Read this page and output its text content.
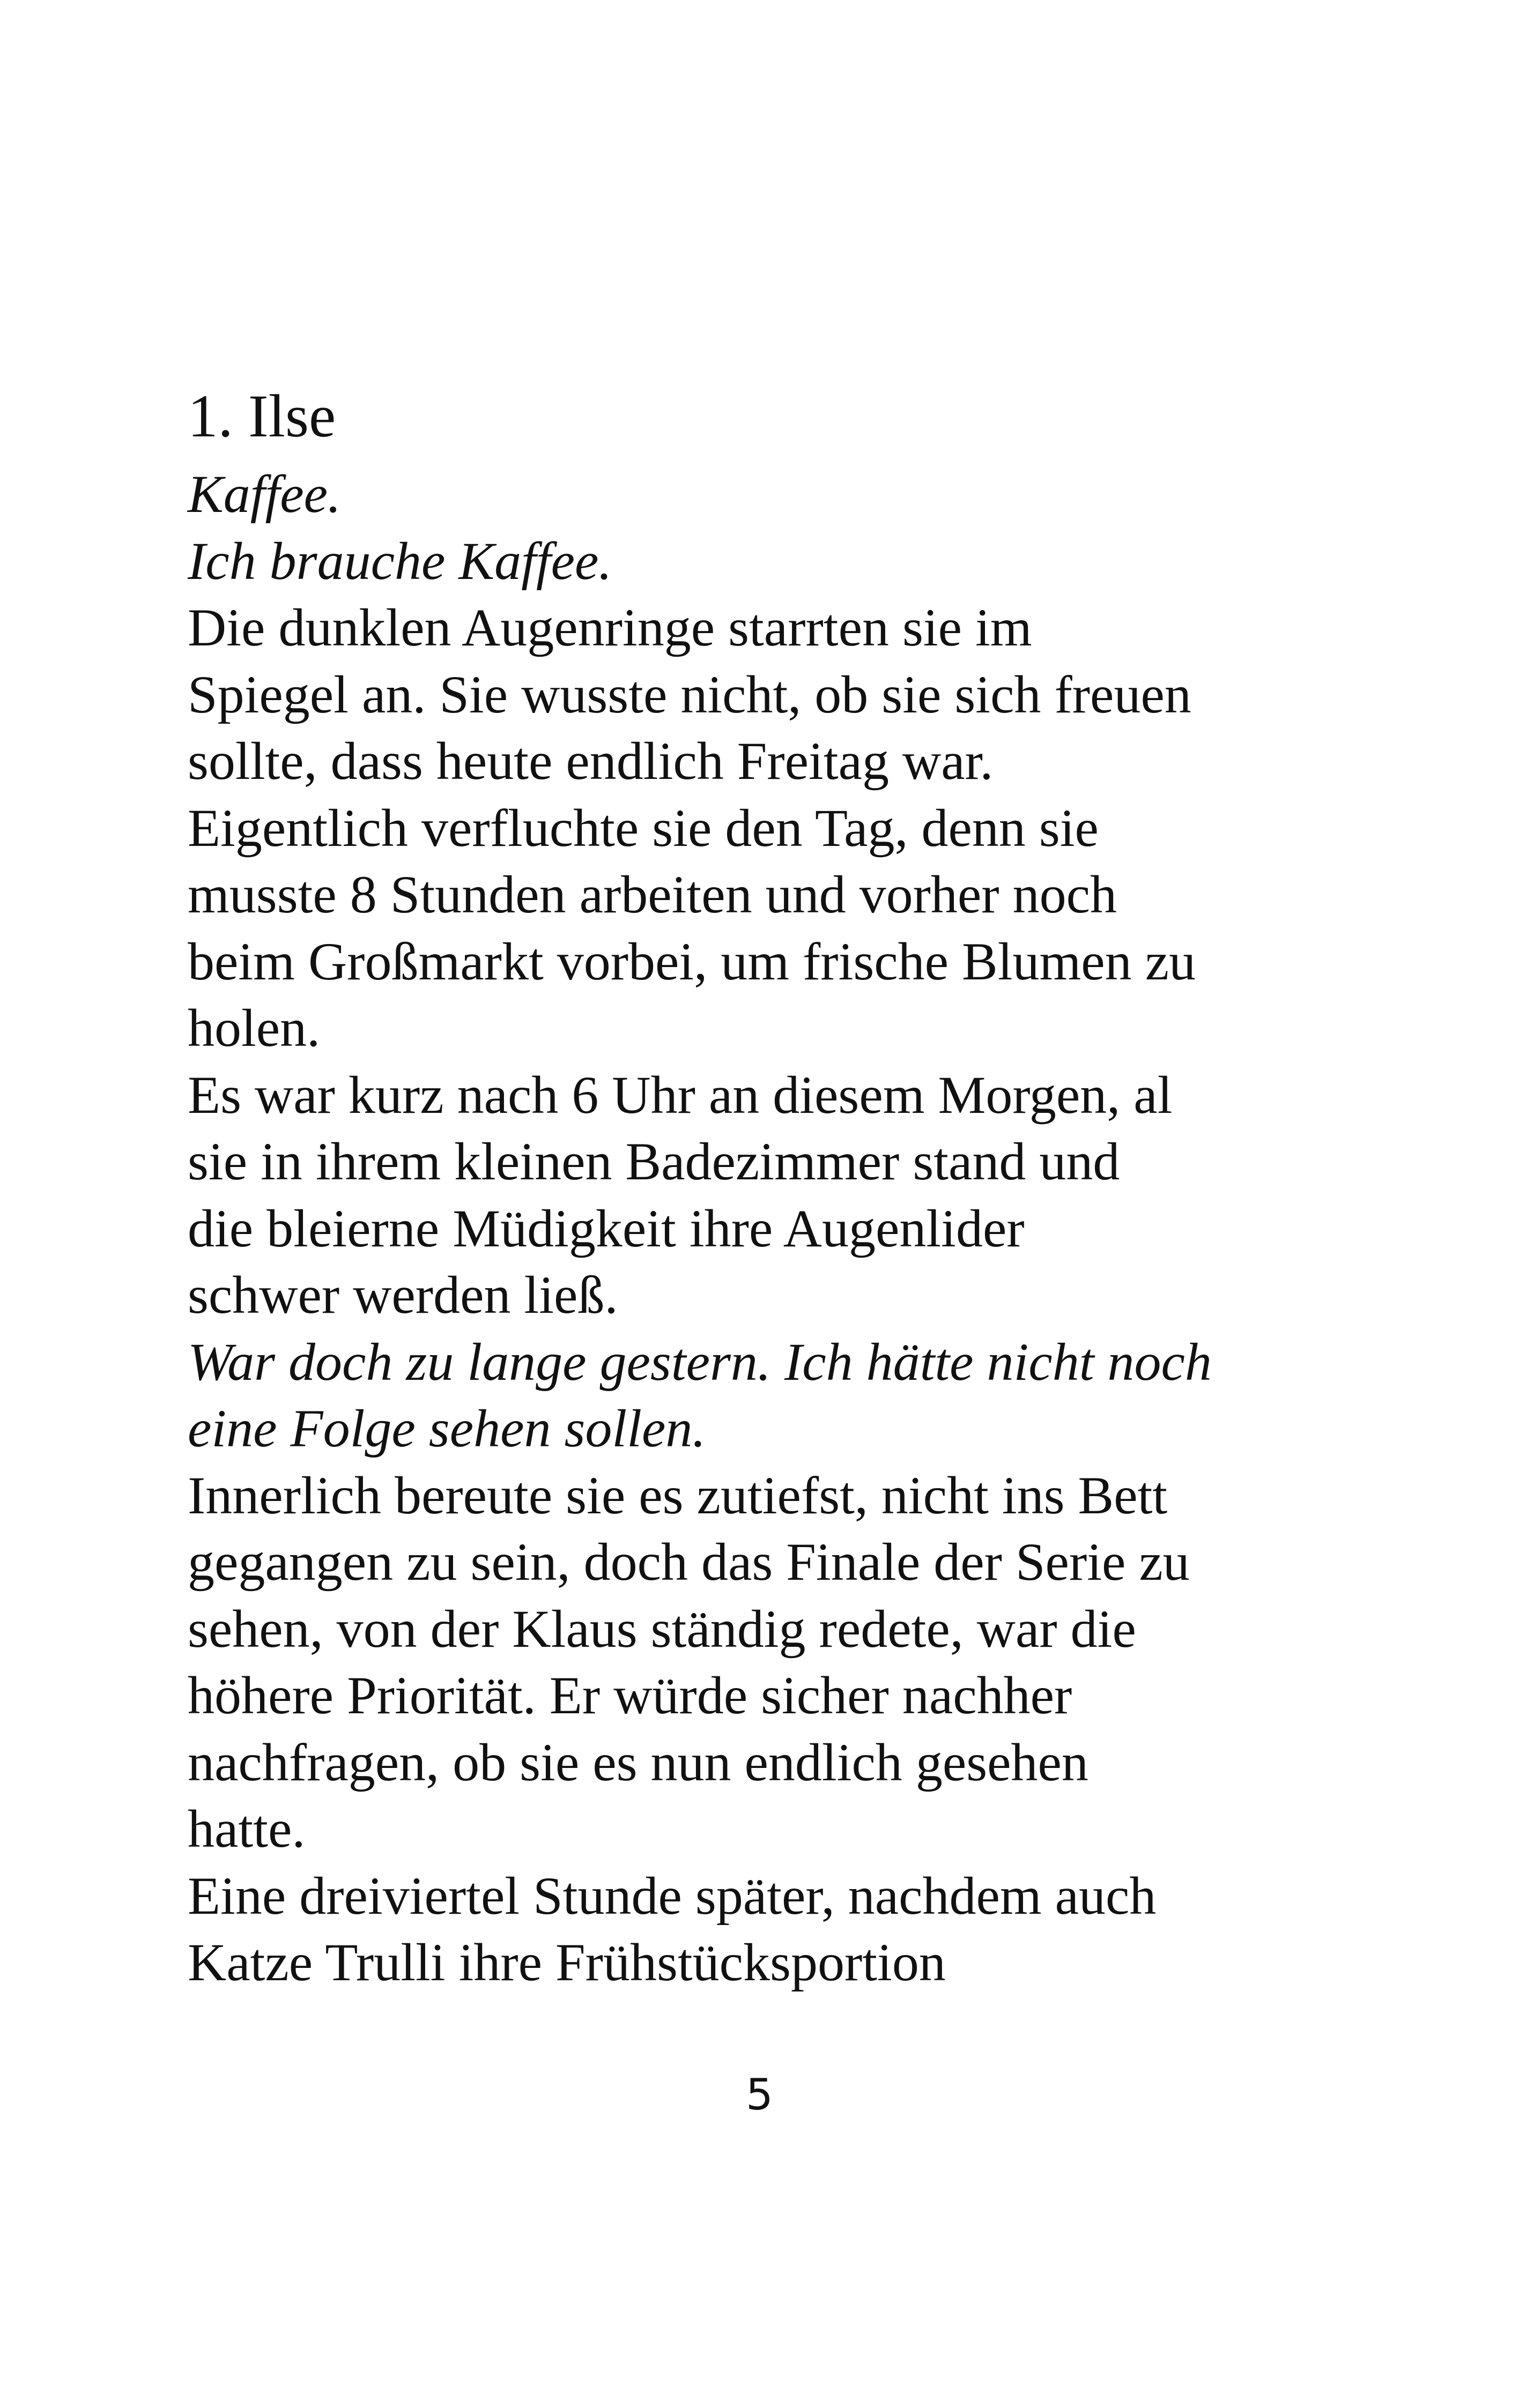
1. Ilse
Kaffee.
Ich brauche Kaffee.
Die dunklen Augenringe starrten sie im
Spiegel an. Sie wusste nicht, ob sie sich freuen
sollte, dass heute endlich Freitag war.
Eigentlich verfluchte sie den Tag, denn sie
musste 8 Stunden arbeiten und vorher noch
beim Großmarkt vorbei, um frische Blumen zu
holen.
Es war kurz nach 6 Uhr an diesem Morgen, al
sie in ihrem kleinen Badezimmer stand und
die bleierne Müdigkeit ihre Augenlider
schwer werden ließ.
War doch zu lange gestern. Ich hätte nicht noch
eine Folge sehen sollen.
Innerlich bereute sie es zutiefst, nicht ins Bett
gegangen zu sein, doch das Finale der Serie zu
sehen, von der Klaus ständig redete, war die
höhere Priorität. Er würde sicher nachher
nachfragen, ob sie es nun endlich gesehen
hatte.
Eine dreiviertel Stunde später, nachdem auch
Katze Trulli ihre Frühstücksportion
5
